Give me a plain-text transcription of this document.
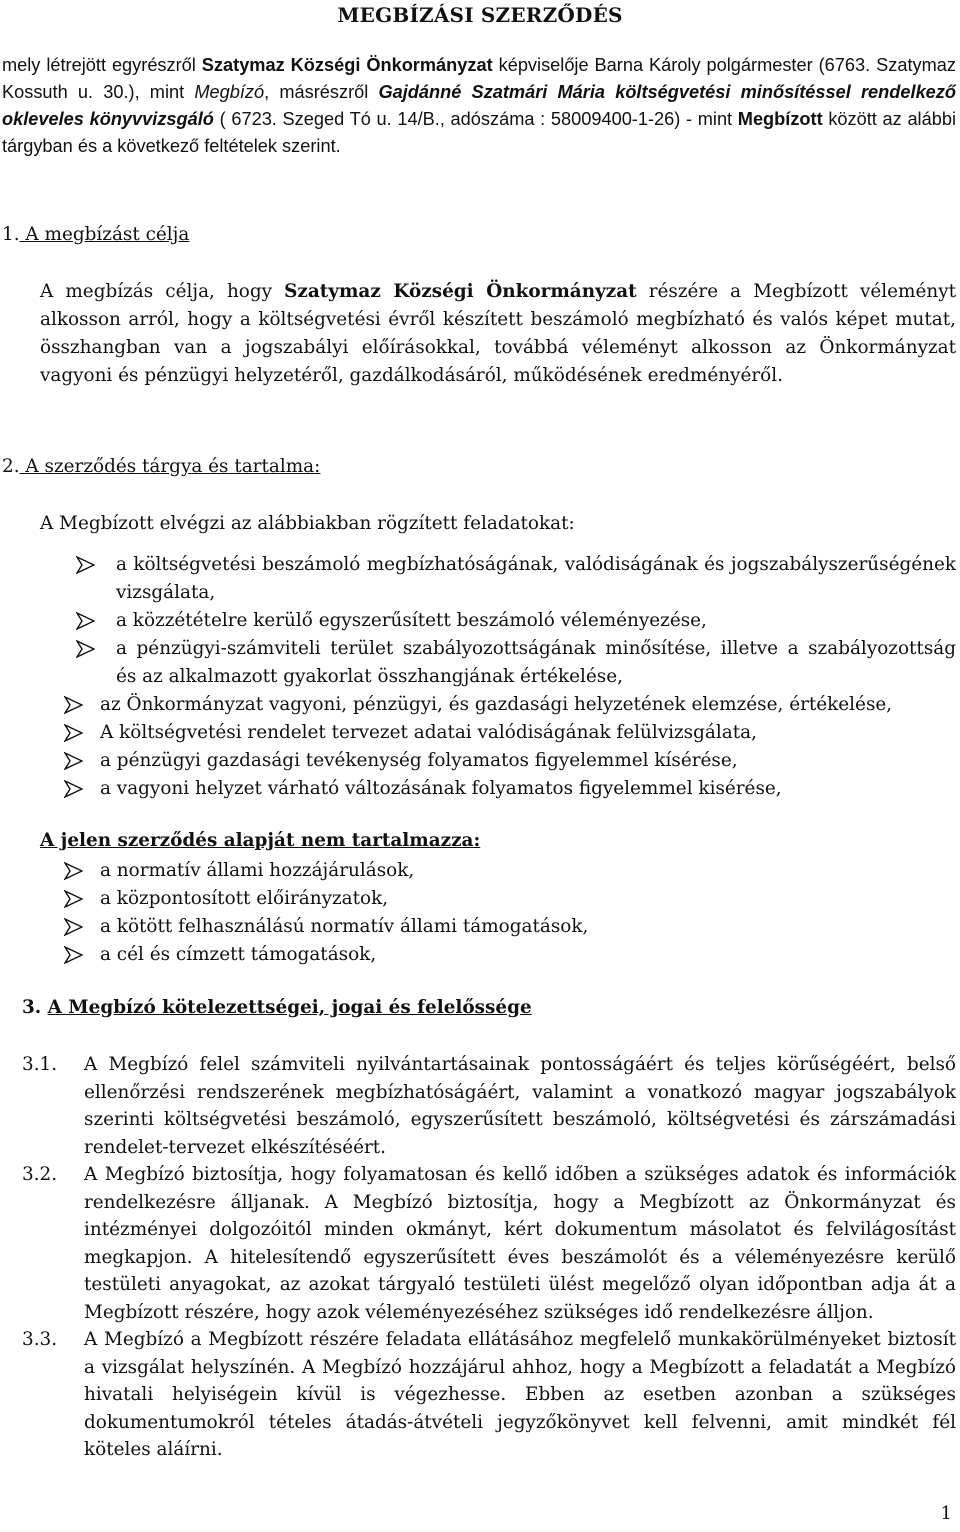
MEGBÍZÁSI SZERZŐDÉS

mely létrejött egyrészről Szatymaz Községi Önkormányzat képviselője Barna Károly polgármester (6763. Szatymaz Kossuth u. 30.), mint Megbízó, másrészről Gajdánné Szatmári Mária költségvetési minősítéssel rendelkező okleveles könyvvizsgáló ( 6723. Szeged Tó u. 14/B., adószáma : 58009400-1-26) - mint Megbízott között az alábbi tárgyban és a következő feltételek szerint.

1. A megbízást célja

A megbízás célja, hogy Szatymaz Községi Önkormányzat részére a Megbízott véleményt alkosson arról, hogy a költségvetési évről készített beszámoló megbízható és valós képet mutat, összhangban van a jogszabályi előírásokkal, továbbá véleményt alkosson az Önkormányzat vagyoni és pénzügyi helyzetéről, gazdálkodásáról, működésének eredményéről.

2. A szerződés tárgya és tartalma:

A Megbízott elvégzi az alábbiakban rögzített feladatokat:

a költségvetési beszámoló megbízhatóságának, valódiságának és jogszabályszerűségének vizsgálata,
a közzétételre kerülő egyszerűsített beszámoló véleményezése,
a pénzügyi-számviteli terület szabályozottságának minősítése, illetve a szabályozottság és az alkalmazott gyakorlat összhangjának értékelése,
az Önkormányzat vagyoni, pénzügyi, és gazdasági helyzetének elemzése, értékelése,
A költségvetési rendelet tervezet adatai valódiságának felülvizsgálata,
a pénzügyi gazdasági tevékenység folyamatos figyelemmel kísérése,
a vagyoni helyzet várható változásának folyamatos figyelemmel kisérése,
A jelen szerződés alapját nem tartalmazza:
a normatív állami hozzájárulások,
a központosított előirányzatok,
a kötött felhasználású normatív állami támogatások,
a cél és címzett támogatások,
3. A Megbízó kötelezettségei, jogai és felelőssége
3.1. A Megbízó felel számviteli nyilvántartásainak pontosságáért és teljes körűségéért, belső ellenőrzési rendszerének megbízhatóságáért, valamint a vonatkozó magyar jogszabályok szerinti költségvetési beszámoló, egyszerűsített beszámoló, költségvetési és zárszámadási rendelet-tervezet elkészítéséért.
3.2. A Megbízó biztosítja, hogy folyamatosan és kellő időben a szükséges adatok és információk rendelkezésre álljanak. A Megbízó biztosítja, hogy a Megbízott az Önkormányzat és intézményei dolgozóitól minden okmányt, kért dokumentum másolatot és felvilágosítást megkapjon. A hitelesítendő egyszerűsített éves beszámolót és a véleményezésre kerülő testületi anyagokat, az azokat tárgyaló testületi ülést megelőző olyan időpontban adja át a Megbízott részére, hogy azok véleményezéséhez szükséges idő rendelkezésre álljon.
3.3. A Megbízó a Megbízott részére feladata ellátásához megfelelő munkakörülményeket biztosít a vizsgálat helyszínén. A Megbízó hozzájárul ahhoz, hogy a Megbízott a feladatát a Megbízó hivatali helyiségein kívül is végezhesse. Ebben az esetben azonban a szükséges dokumentumokról tételes átadás-átvételi jegyzőkönyvet kell felvenni, amit mindkét fél köteles aláírni.
1
